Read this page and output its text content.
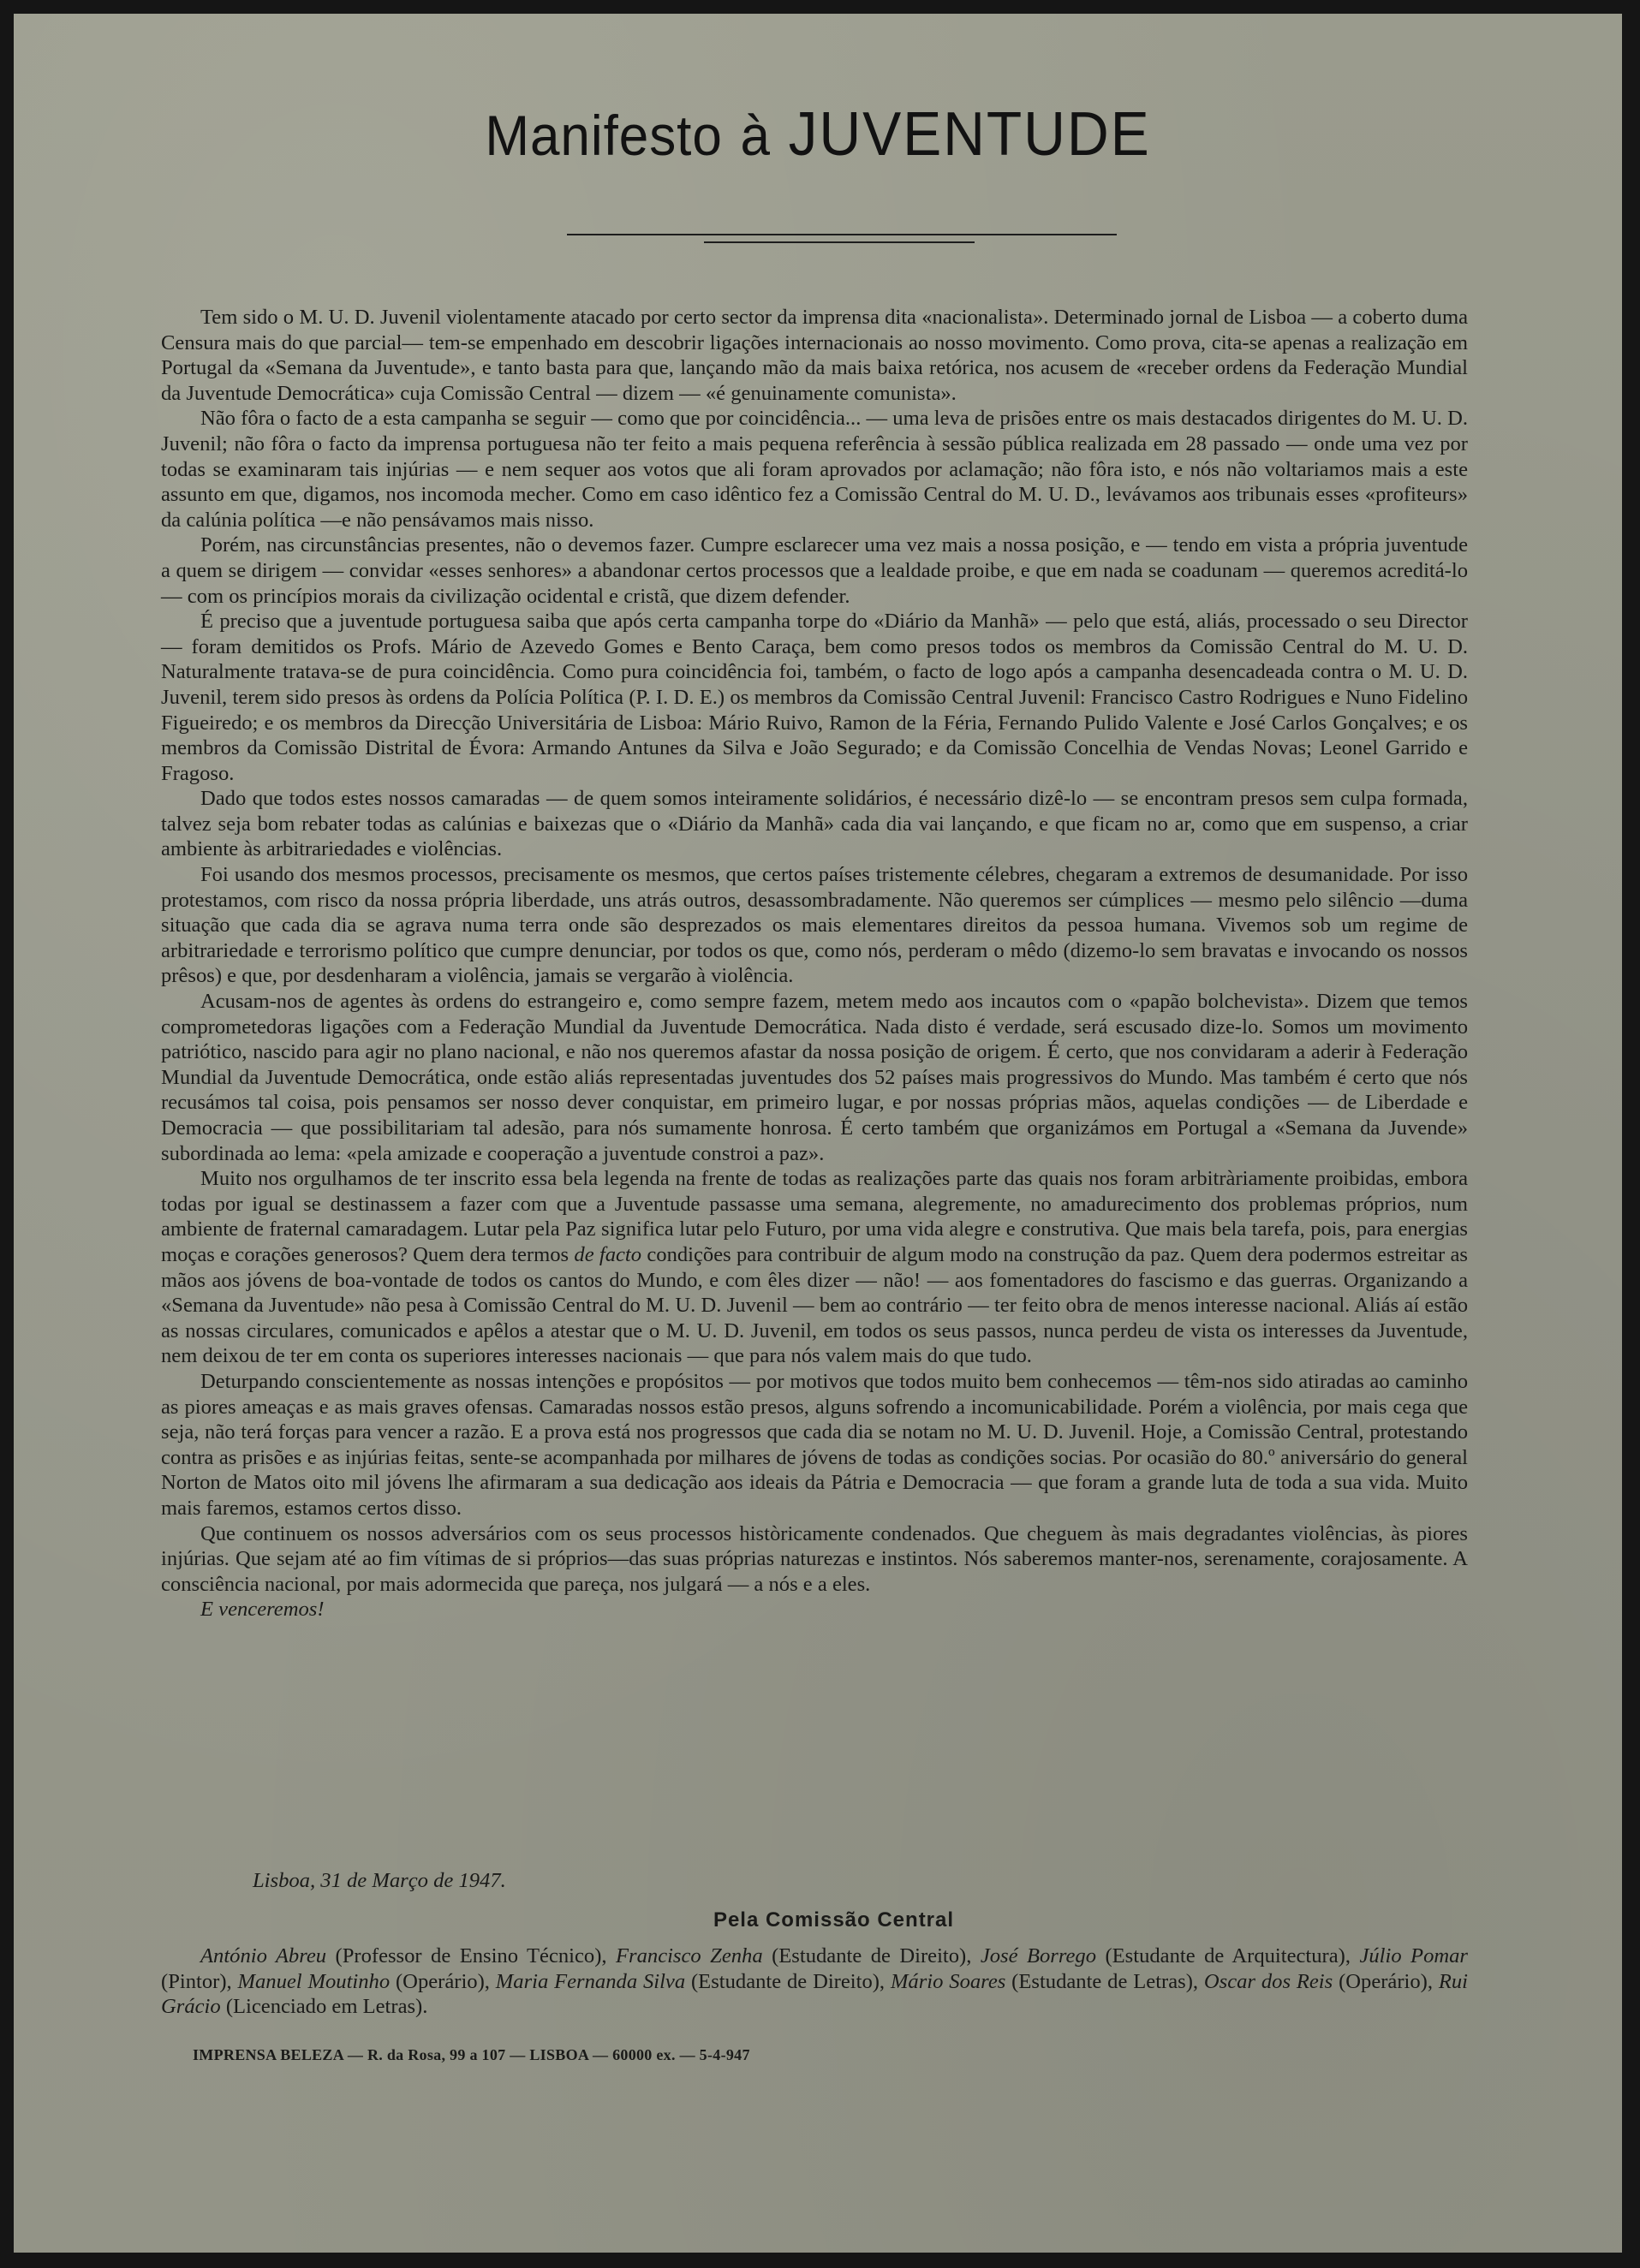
Manifesto à JUVENTUDE

Tem sido o M. U. D. Juvenil violentamente atacado por certo sector da imprensa dita «nacionalista». Determinado jornal de Lisboa — a coberto duma Censura mais do que parcial— tem-se empenhado em descobrir ligações internacionais ao nosso movimento. Como prova, cita-se apenas a realização em Portugal da «Semana da Juventude», e tanto basta para que, lançando mão da mais baixa retórica, nos acusem de «receber ordens da Federação Mundial da Juventude Democrática» cuja Comissão Central — dizem — «é genuinamente comunista».

Não fôra o facto de a esta campanha se seguir — como que por coincidência... — uma leva de prisões entre os mais destacados dirigentes do M. U. D. Juvenil; não fôra o facto da imprensa portuguesa não ter feito a mais pequena referência à sessão pública realizada em 28 passado — onde uma vez por todas se examinaram tais injúrias — e nem sequer aos votos que ali foram aprovados por aclamação; não fôra isto, e nós não voltariamos mais a este assunto em que, digamos, nos incomoda mecher. Como em caso idêntico fez a Comissão Central do M. U. D., levávamos aos tribunais esses «profiteurs» da calúnia política —e não pensávamos mais nisso.

Porém, nas circunstâncias presentes, não o devemos fazer. Cumpre esclarecer uma vez mais a nossa posição, e — tendo em vista a própria juventude a quem se dirigem — convidar «esses senhores» a abandonar certos processos que a lealdade proibe, e que em nada se coadunam — queremos acreditá-lo — com os princípios morais da civilização ocidental e cristã, que dizem defender.

É preciso que a juventude portuguesa saiba que após certa campanha torpe do «Diário da Manhã» — pelo que está, aliás, processado o seu Director — foram demitidos os Profs. Mário de Azevedo Gomes e Bento Caraça, bem como presos todos os membros da Comissão Central do M. U. D. Naturalmente tratava-se de pura coincidência. Como pura coincidência foi, também, o facto de logo após a campanha desencadeada contra o M. U. D. Juvenil, terem sido presos às ordens da Polícia Política (P. I. D. E.) os membros da Comissão Central Juvenil: Francisco Castro Rodrigues e Nuno Fidelino Figueiredo; e os membros da Direcção Universitária de Lisboa: Mário Ruivo, Ramon de la Féria, Fernando Pulido Valente e José Carlos Gonçalves; e os membros da Comissão Distrital de Évora: Armando Antunes da Silva e João Segurado; e da Comissão Concelhia de Vendas Novas; Leonel Garrido e Fragoso.

Dado que todos estes nossos camaradas — de quem somos inteiramente solidários, é necessário dizê-lo — se encontram presos sem culpa formada, talvez seja bom rebater todas as calúnias e baixezas que o «Diário da Manhã» cada dia vai lançando, e que ficam no ar, como que em suspenso, a criar ambiente às arbitrariedades e violências.

Foi usando dos mesmos processos, precisamente os mesmos, que certos países tristemente célebres, chegaram a extremos de desumanidade. Por isso protestamos, com risco da nossa própria liberdade, uns atrás outros, desassombradamente. Não queremos ser cúmplices — mesmo pelo silêncio —duma situação que cada dia se agrava numa terra onde são desprezados os mais elementares direitos da pessoa humana. Vivemos sob um regime de arbitrariedade e terrorismo político que cumpre denunciar, por todos os que, como nós, perderam o mêdo (dizemo-lo sem bravatas e invocando os nossos prêsos) e que, por desdenharam a violência, jamais se vergarão à violência.

Acusam-nos de agentes às ordens do estrangeiro e, como sempre fazem, metem medo aos incautos com o «papão bolchevista». Dizem que temos comprometedoras ligações com a Federação Mundial da Juventude Democrática. Nada disto é verdade, será escusado dize-lo. Somos um movimento patriótico, nascido para agir no plano nacional, e não nos queremos afastar da nossa posição de origem. É certo, que nos convidaram a aderir à Federação Mundial da Juventude Democrática, onde estão aliás representadas juventudes dos 52 países mais progressivos do Mundo. Mas também é certo que nós recusámos tal coisa, pois pensamos ser nosso dever conquistar, em primeiro lugar, e por nossas próprias mãos, aquelas condições — de Liberdade e Democracia — que possibilitariam tal adesão, para nós sumamente honrosa. É certo também que organizámos em Portugal a «Semana da Juvende» subordinada ao lema: «pela amizade e cooperação a juventude constroi a paz».

Muito nos orgulhamos de ter inscrito essa bela legenda na frente de todas as realizações parte das quais nos foram arbitràriamente proibidas, embora todas por igual se destinassem a fazer com que a Juventude passasse uma semana, alegremente, no amadurecimento dos problemas próprios, num ambiente de fraternal camaradagem. Lutar pela Paz significa lutar pelo Futuro, por uma vida alegre e construtiva. Que mais bela tarefa, pois, para energias moças e corações generosos? Quem dera termos de facto condições para contribuir de algum modo na construção da paz. Quem dera podermos estreitar as mãos aos jóvens de boa-vontade de todos os cantos do Mundo, e com êles dizer — não! — aos fomentadores do fascismo e das guerras. Organizando a «Semana da Juventude» não pesa à Comissão Central do M. U. D. Juvenil — bem ao contrário — ter feito obra de menos interesse nacional. Aliás aí estão as nossas circulares, comunicados e apêlos a atestar que o M. U. D. Juvenil, em todos os seus passos, nunca perdeu de vista os interesses da Juventude, nem deixou de ter em conta os superiores interesses nacionais — que para nós valem mais do que tudo.

Deturpando conscientemente as nossas intenções e propósitos — por motivos que todos muito bem conhecemos — têm-nos sido atiradas ao caminho as piores ameaças e as mais graves ofensas. Camaradas nossos estão presos, alguns sofrendo a incomunicabilidade. Porém a violência, por mais cega que seja, não terá forças para vencer a razão. E a prova está nos progressos que cada dia se notam no M. U. D. Juvenil. Hoje, a Comissão Central, protestando contra as prisões e as injúrias feitas, sente-se acompanhada por milhares de jóvens de todas as condições socias. Por ocasião do 80.º aniversário do general Norton de Matos oito mil jóvens lhe afirmaram a sua dedicação aos ideais da Pátria e Democracia — que foram a grande luta de toda a sua vida. Muito mais faremos, estamos certos disso.

Que continuem os nossos adversários com os seus processos històricamente condenados. Que cheguem às mais degradantes violências, às piores injúrias. Que sejam até ao fim vítimas de si próprios—das suas próprias naturezas e instintos. Nós saberemos manter-nos, serenamente, corajosamente. A consciência nacional, por mais adormecida que pareça, nos julgará — a nós e a eles.
E venceremos!

Lisboa, 31 de Março de 1947.

Pela Comissão Central

António Abreu (Professor de Ensino Técnico), Francisco Zenha (Estudante de Direito), José Borrego (Estudante de Arquitectura), Júlio Pomar (Pintor), Manuel Moutinho (Operário), Maria Fernanda Silva (Estudante de Direito), Mário Soares (Estudante de Letras), Oscar dos Reis (Operário), Rui Grácio (Licenciado em Letras).

IMPRENSA BELEZA — R. da Rosa, 99 a 107 — LISBOA — 60000 ex. — 5-4-947
